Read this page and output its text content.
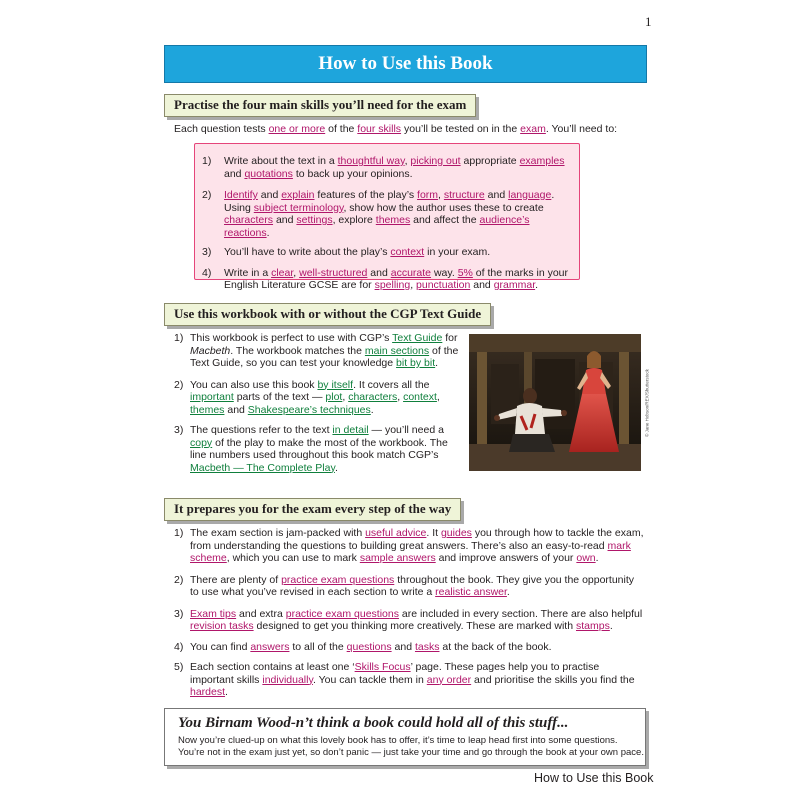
1
How to Use this Book
Practise the four main skills you’ll need for the exam
Each question tests one or more of the four skills you’ll be tested on in the exam. You’ll need to:
1)	Write about the text in a thoughtful way, picking out appropriate examples and quotations to back up your opinions.
2)	Identify and explain features of the play’s form, structure and language. Using subject terminology, show how the author uses these to create characters and settings, explore themes and affect the audience’s reactions.
3)	You’ll have to write about the play’s context in your exam.
4)	Write in a clear, well-structured and accurate way. 5% of the marks in your English Literature GCSE are for spelling, punctuation and grammar.
Use this workbook with or without the CGP Text Guide
1) This workbook is perfect to use with CGP’s Text Guide for Macbeth. The workbook matches the main sections of the Text Guide, so you can test your knowledge bit by bit.
2) You can also use this book by itself. It covers all the important parts of the text — plot, characters, context, themes and Shakespeare’s techniques.
3) The questions refer to the text in detail — you’ll need a copy of the play to make the most of the workbook. The line numbers used throughout this book match CGP’s Macbeth — The Complete Play.
© Jane Hobson/REX/Shutterstock
It prepares you for the exam every step of the way
1) The exam section is jam-packed with useful advice. It guides you through how to tackle the exam, from understanding the questions to building great answers. There’s also an easy-to-read mark scheme, which you can use to mark sample answers and improve answers of your own.
2) There are plenty of practice exam questions throughout the book. They give you the opportunity to use what you’ve revised in each section to write a realistic answer.
3) Exam tips and extra practice exam questions are included in every section. There are also helpful revision tasks designed to get you thinking more creatively. These are marked with stamps.
4) You can find answers to all of the questions and tasks at the back of the book.
5) Each section contains at least one ‘Skills Focus’ page. These pages help you to practise important skills individually. You can tackle them in any order and prioritise the skills you find the hardest.
You Birnam Wood-n’t think a book could hold all of this stuff...
Now you’re clued-up on what this lovely book has to offer, it’s time to leap head first into some questions.
You’re not in the exam just yet, so don’t panic — just take your time and go through the book at your own pace.
How to Use this Book
